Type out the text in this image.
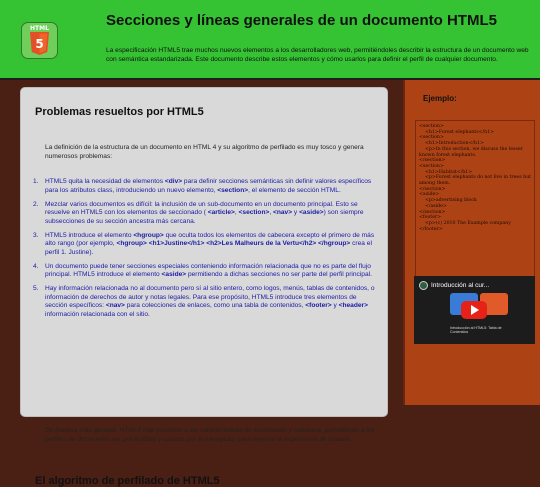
HTML
5
Secciones y líneas generales de un documento HTML5
La especificación HTML5 trae muchos nuevos elementos a los desarrolladores web, permitiéndoles describir la estructura de un documento web con semántica estandarizada. Este documento describe estos elementos y cómo usarlos para definir el perfil de cualquier documento.
Problemas resueltos por HTML5

La definición de la estructura de un documento en HTML 4 y su algoritmo de perfilado es muy tosco y genera numerosos problemas:

1. HTML5 quita la necesidad de elementos <div> para definir secciones semánticas sin definir valores específicos para los atributos class, introduciendo un nuevo elemento, <section>, el elemento de sección HTML.
2. Mezclar varios documentos es difícil: la inclusión de un sub-documento en un documento principal. Esto se resuelve en HTML5 con los elementos de seccionado ( <article>, <section>, <nav> y <aside>) son siempre subsecciones de su sección ancestra más cercana.
3. HTML5 introduce el elemento <hgroup> que oculta todos los elementos de cabecera excepto el primero de más alto rango (por ejemplo, <hgroup> <h1>Justine</h1> <h2>Les Malheurs de la Vertu</h2> </hgroup> crea el perfil 1. Justine).
4. Un documento puede tener secciones especiales conteniendo información relacionada que no es parte del flujo principal. HTML5 introduce el elemento <aside> permitiendo a dichas secciones no ser parte del perfil principal.
5. Hay información relacionada no al documento pero sí al sitio entero, como logos, menús, tablas de contenidos, o información de derechos de autor y notas legales. Para ese propósito, HTML5 introduce tres elementos de sección específicos: <nav> para colecciones de enlaces, como una tabla de contenidos, <footer> y <header> información relacionada con el sitio.

De manera más general, HTML5 trae precisión a las características de seccionado y cabecera, permitiendo a los perfiles de documento ser predecibles y usados por el navegador para mejorar la experiencia de usuario.

El algoritmo de perfilado de HTML5
Ejemplo:
<section>
<h1>Forest elephants</h1>
<section>
<h1>Introduction</h1>
<p>In this section, we discuss the lesser
known forest elephants.
</section>
<section>
<h1>Habitat</h1>
<p>Forest elephants do not live in trees but
among them.
</section>
<aside>
<p>advertising block
</aside>
</section>
<footer>
<p>(c) 2010 The Example company
</footer>
Introducción al cur...
Introducción al HTML5: Tabla de Contenidos
